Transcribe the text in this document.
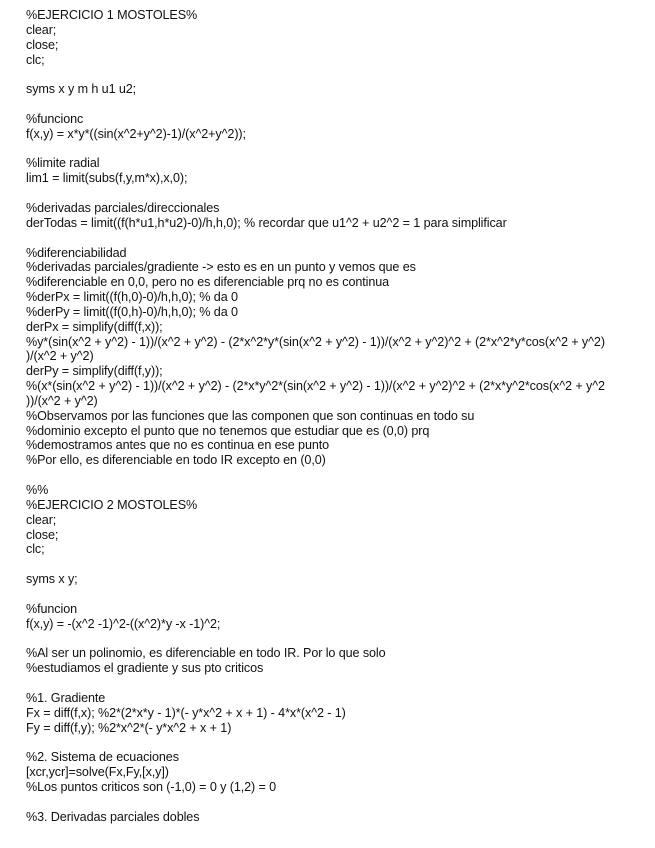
%EJERCICIO 1 MOSTOLES%
clear;
close;
clc;
syms x y m h u1 u2;
%funcionc
f(x,y) = x*y*((sin(x^2+y^2)-1)/(x^2+y^2));
%limite radial
lim1 = limit(subs(f,y,m*x),x,0);
%derivadas parciales/direccionales
derTodas = limit((f(h*u1,h*u2)-0)/h,h,0); % recordar que u1^2 + u2^2 = 1 para simplificar
%diferenciabilidad
%derivadas parciales/gradiente -> esto es en un punto y vemos que es
%diferenciable en 0,0, pero no es diferenciable prq no es continua
%derPx = limit((f(h,0)-0)/h,h,0); % da 0
%derPy = limit((f(0,h)-0)/h,h,0); % da 0
derPx = simplify(diff(f,x));
%y*(sin(x^2 + y^2) - 1))/(x^2 + y^2) - (2*x^2*y*(sin(x^2 + y^2) - 1))/(x^2 + y^2)^2 + (2*x^2*y*cos(x^2 + y^2)
)/(x^2 + y^2)
derPy = simplify(diff(f,y));
%(x*(sin(x^2 + y^2) - 1))/(x^2 + y^2) - (2*x*y^2*(sin(x^2 + y^2) - 1))/(x^2 + y^2)^2 + (2*x*y^2*cos(x^2 + y^2
))/(x^2 + y^2)
%Observamos por las funciones que las componen que son continuas en todo su
%dominio excepto el punto que no tenemos que estudiar que es (0,0) prq
%demostramos antes que no es continua en ese punto
%Por ello, es diferenciable en todo IR excepto en (0,0)
%%
%EJERCICIO 2 MOSTOLES%
clear;
close;
clc;
syms x y;
%funcion
f(x,y) = -(x^2 -1)^2-((x^2)*y -x -1)^2;
%Al ser un polinomio, es diferenciable en todo IR. Por lo que solo
%estudiamos el gradiente y sus pto criticos
%1. Gradiente
Fx = diff(f,x); %2*(2*x*y - 1)*(- y*x^2 + x + 1) - 4*x*(x^2 - 1)
Fy = diff(f,y); %2*x^2*(- y*x^2 + x + 1)
%2. Sistema de ecuaciones
[xcr,ycr]=solve(Fx,Fy,[x,y])
%Los puntos criticos son (-1,0) = 0 y (1,2) = 0
%3. Derivadas parciales dobles
